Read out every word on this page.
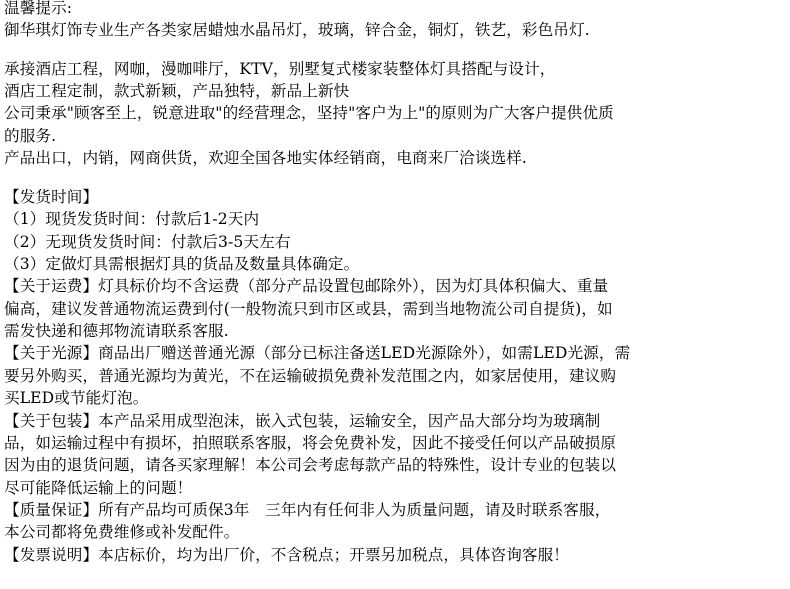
温馨提示:
御华琪灯饰专业生产各类家居蜡烛水晶吊灯，玻璃，锌合金，铜灯，铁艺，彩色吊灯.
承接酒店工程，网咖，漫咖啡厅，KTV，别墅复式楼家装整体灯具搭配与设计，
酒店工程定制，款式新颖，产品独特，新品上新快
公司秉承"顾客至上，锐意进取"的经营理念，坚持"客户为上"的原则为广大客户提供优质
的服务.
产品出口，内销，网商供货，欢迎全国各地实体经销商，电商来厂洽谈选样.
【发货时间】
（1）现货发货时间：付款后1-2天内
（2）无现货发货时间：付款后3-5天左右
（3）定做灯具需根据灯具的货品及数量具体确定。
【关于运费】灯具标价均不含运费（部分产品设置包邮除外），因为灯具体积偏大、重量
偏高，建议发普通物流运费到付(一般物流只到市区或县，需到当地物流公司自提货)，如
需发快递和德邦物流请联系客服.
【关于光源】商品出厂赠送普通光源（部分已标注备送LED光源除外），如需LED光源，需
要另外购买，普通光源均为黄光，不在运输破损免费补发范围之内，如家居使用，建议购
买LED或节能灯泡。
【关于包装】本产品采用成型泡沫，嵌入式包装，运输安全，因产品大部分均为玻璃制
品，如运输过程中有损坏，拍照联系客服，将会免费补发，因此不接受任何以产品破损原
因为由的退货问题，请各买家理解！本公司会考虑每款产品的特殊性，设计专业的包装以
尽可能降低运输上的问题！
【质量保证】所有产品均可质保3年　三年内有任何非人为质量问题，请及时联系客服，
本公司都将免费维修或补发配件。
【发票说明】本店标价，均为出厂价，不含税点；开票另加税点，具体咨询客服！
